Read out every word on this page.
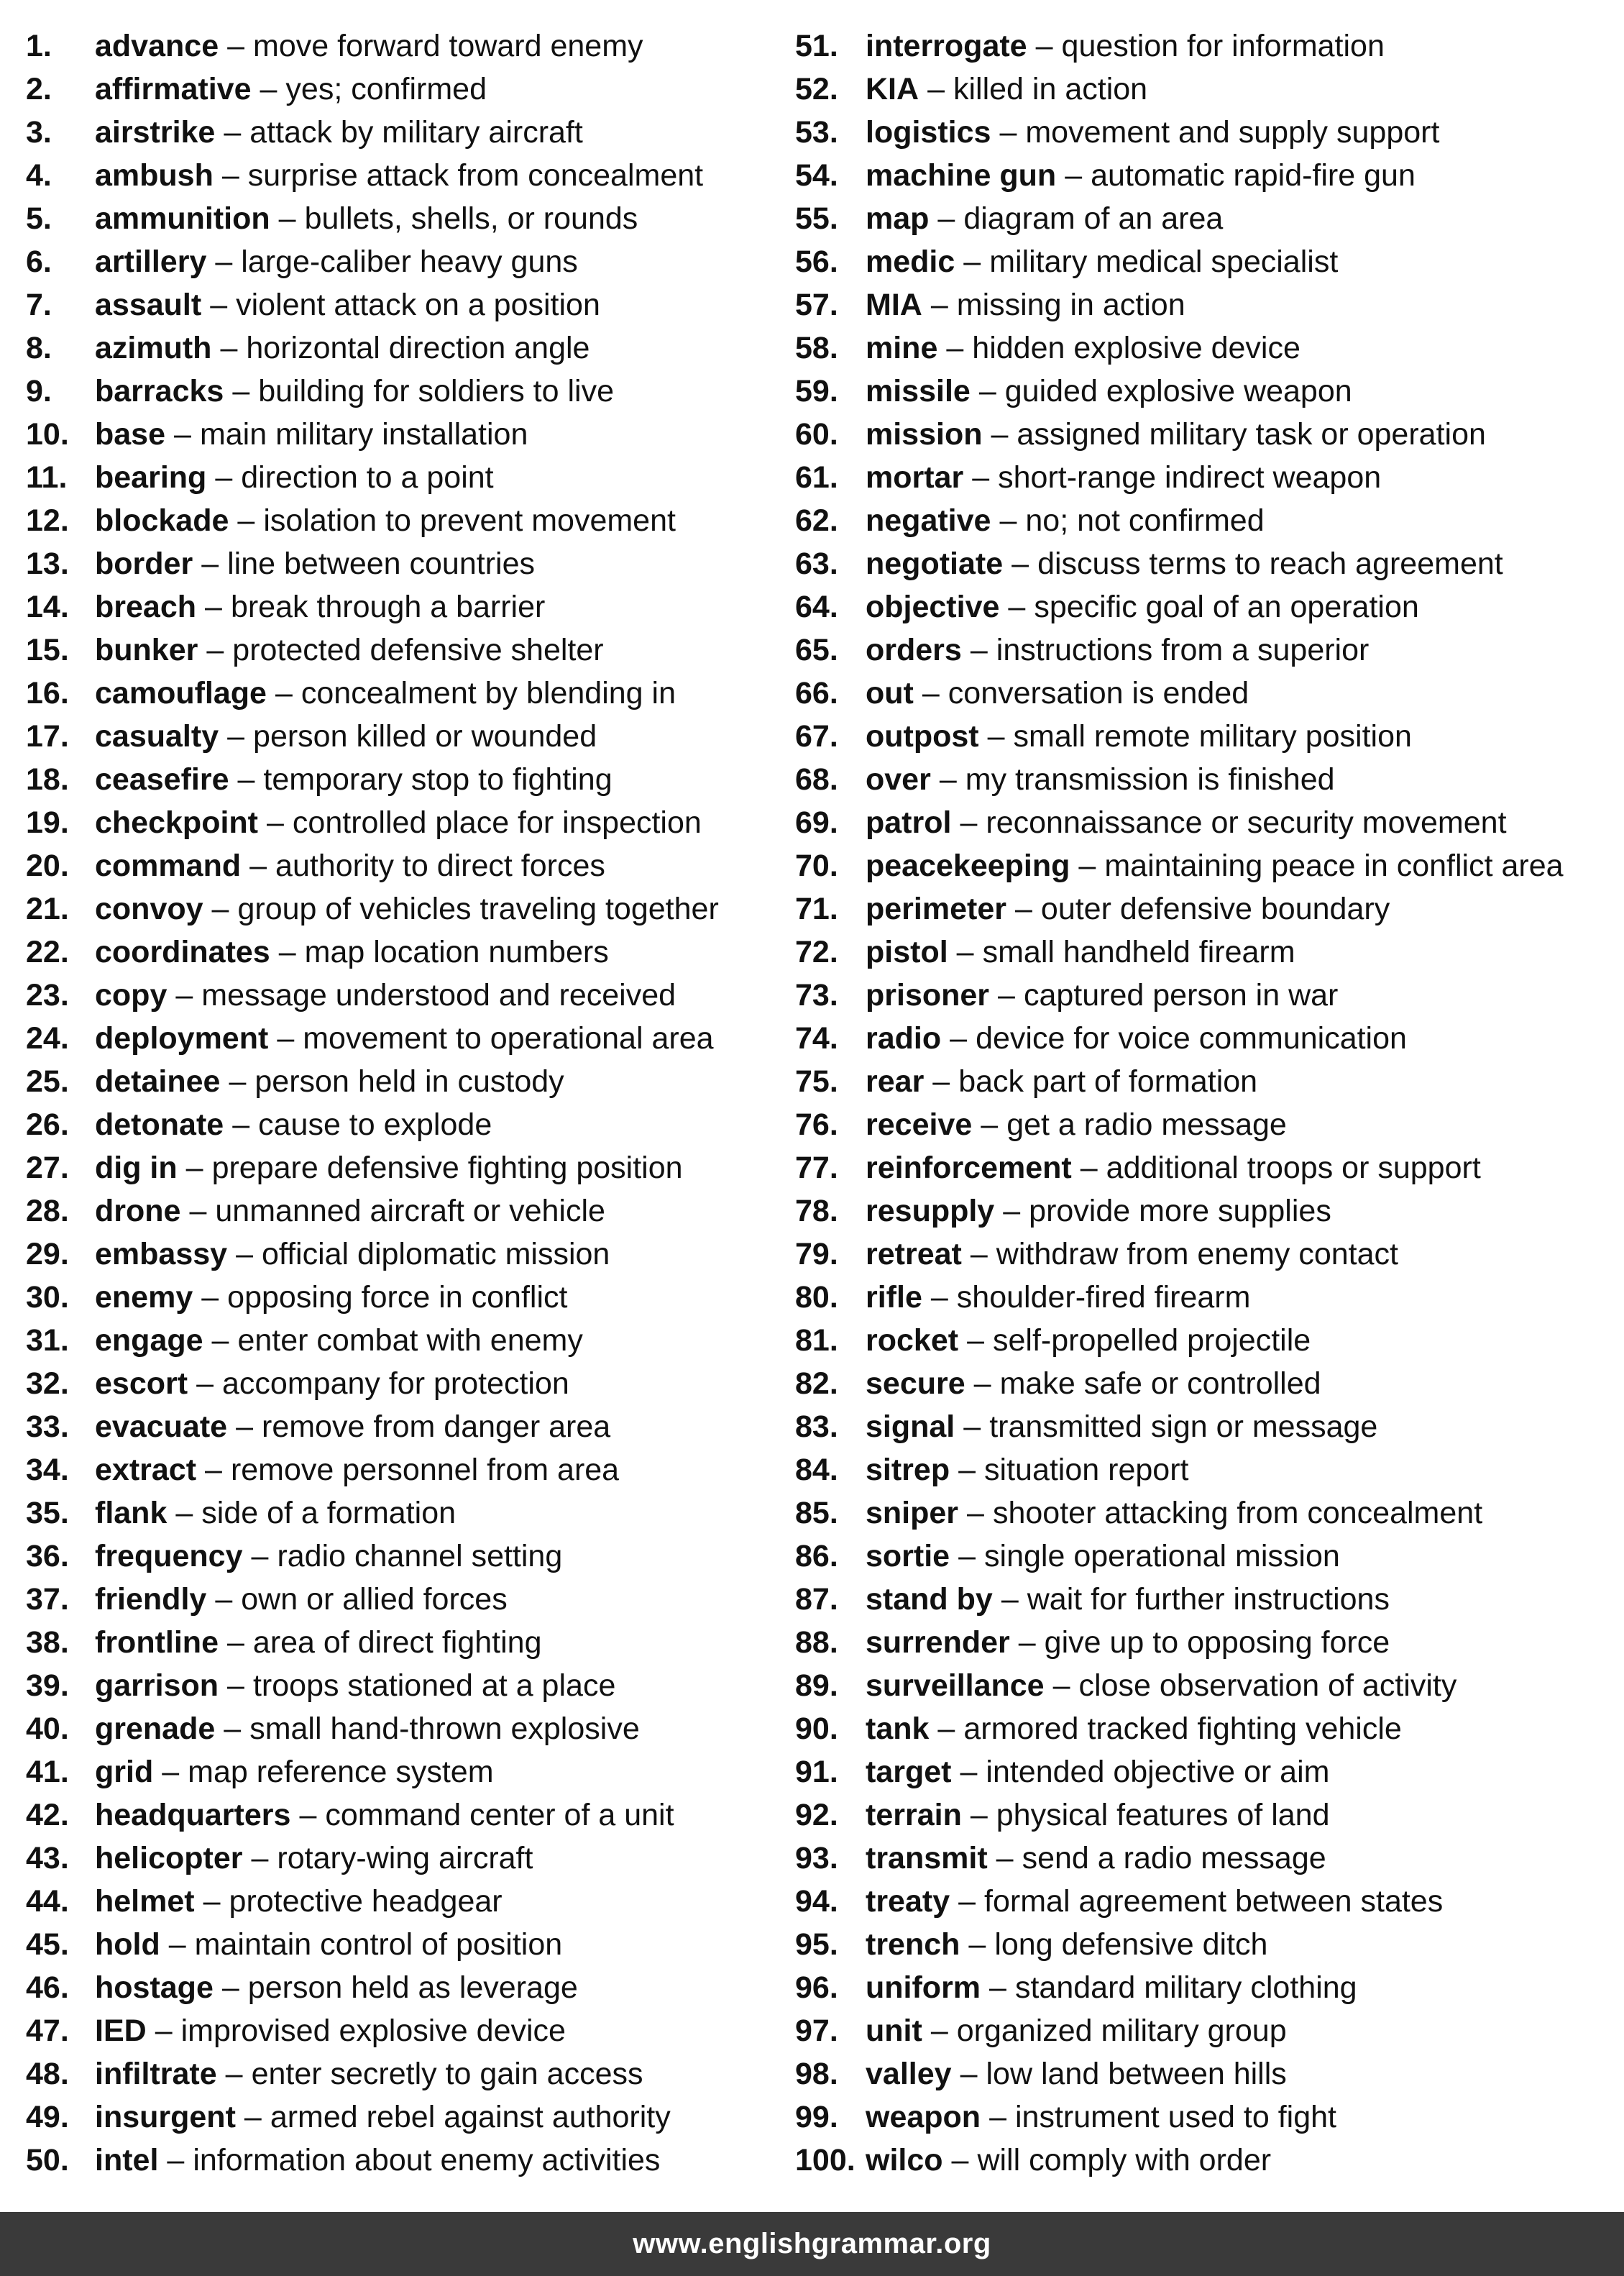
1.	advance – move forward toward enemy
2.	affirmative – yes; confirmed
3.	airstrike – attack by military aircraft
4.	ambush – surprise attack from concealment
5.	ammunition – bullets, shells, or rounds
6.	artillery – large-caliber heavy guns
7.	assault – violent attack on a position
8.	azimuth – horizontal direction angle
9.	barracks – building for soldiers to live
10. base – main military installation
11. bearing – direction to a point
12. blockade – isolation to prevent movement
13. border – line between countries
14. breach – break through a barrier
15. bunker – protected defensive shelter
16. camouflage – concealment by blending in
17. casualty – person killed or wounded
18. ceasefire – temporary stop to fighting
19. checkpoint – controlled place for inspection
20. command – authority to direct forces
21. convoy – group of vehicles traveling together
22. coordinates – map location numbers
23. copy – message understood and received
24. deployment – movement to operational area
25. detainee – person held in custody
26. detonate – cause to explode
27. dig in – prepare defensive fighting position
28. drone – unmanned aircraft or vehicle
29. embassy – official diplomatic mission
30. enemy – opposing force in conflict
31. engage – enter combat with enemy
32. escort – accompany for protection
33. evacuate – remove from danger area
34. extract – remove personnel from area
35. flank – side of a formation
36. frequency – radio channel setting
37. friendly – own or allied forces
38. frontline – area of direct fighting
39. garrison – troops stationed at a place
40. grenade – small hand-thrown explosive
41. grid – map reference system
42. headquarters – command center of a unit
43. helicopter – rotary-wing aircraft
44. helmet – protective headgear
45. hold – maintain control of position
46. hostage – person held as leverage
47. IED – improvised explosive device
48. infiltrate – enter secretly to gain access
49. insurgent – armed rebel against authority
50. intel – information about enemy activities
51. interrogate – question for information
52. KIA – killed in action
53. logistics – movement and supply support
54. machine gun – automatic rapid-fire gun
55. map – diagram of an area
56. medic – military medical specialist
57. MIA – missing in action
58. mine – hidden explosive device
59. missile – guided explosive weapon
60. mission – assigned military task or operation
61. mortar – short-range indirect weapon
62. negative – no; not confirmed
63. negotiate – discuss terms to reach agreement
64. objective – specific goal of an operation
65. orders – instructions from a superior
66. out – conversation is ended
67. outpost – small remote military position
68. over – my transmission is finished
69. patrol – reconnaissance or security movement
70. peacekeeping – maintaining peace in conflict area
71. perimeter – outer defensive boundary
72. pistol – small handheld firearm
73. prisoner – captured person in war
74. radio – device for voice communication
75. rear – back part of formation
76. receive – get a radio message
77. reinforcement – additional troops or support
78. resupply – provide more supplies
79. retreat – withdraw from enemy contact
80. rifle – shoulder-fired firearm
81. rocket – self-propelled projectile
82. secure – make safe or controlled
83. signal – transmitted sign or message
84. sitrep – situation report
85. sniper – shooter attacking from concealment
86. sortie – single operational mission
87. stand by – wait for further instructions
88. surrender – give up to opposing force
89. surveillance – close observation of activity
90. tank – armored tracked fighting vehicle
91. target – intended objective or aim
92. terrain – physical features of land
93. transmit – send a radio message
94. treaty – formal agreement between states
95. trench – long defensive ditch
96. uniform – standard military clothing
97. unit – organized military group
98. valley – low land between hills
99. weapon – instrument used to fight
100. wilco – will comply with order
www.englishgrammar.org
